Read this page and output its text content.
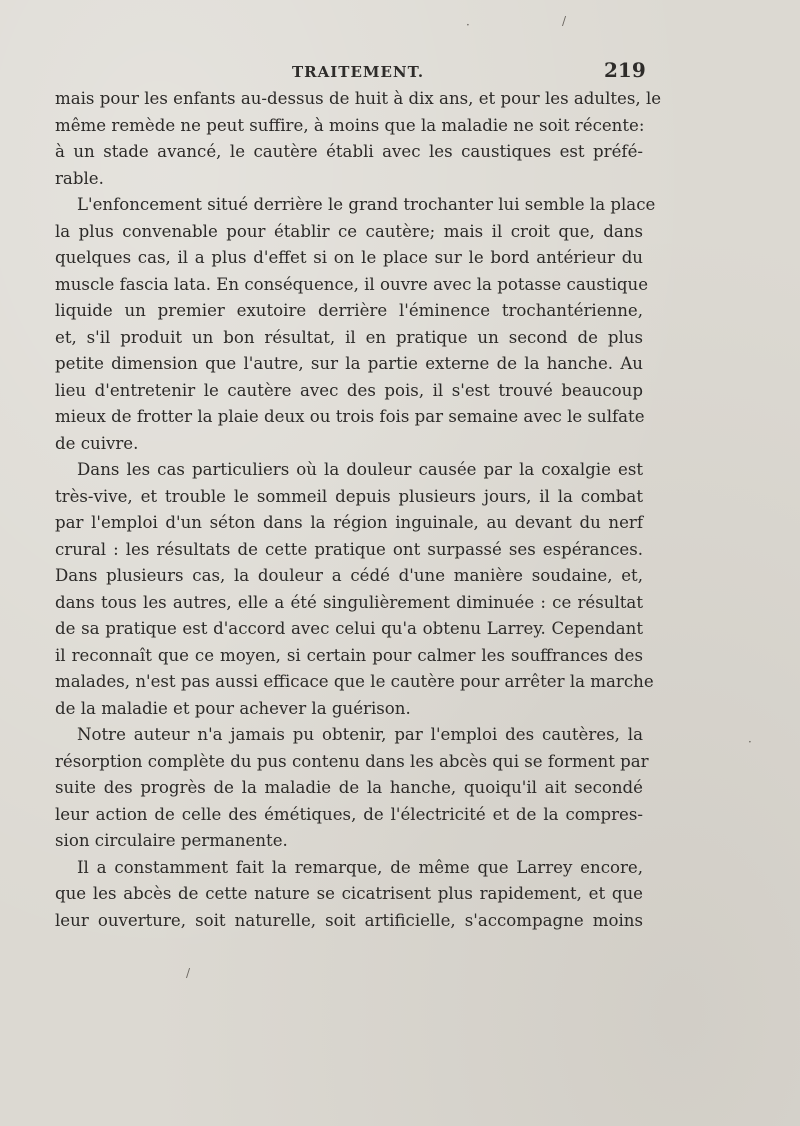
TRAITEMENT.	219
mais pour les enfants au-dessus de huit à dix ans, et pour les adultes, le
même remède ne peut suffire, à moins que la maladie ne soit récente:
à un stade avancé, le cautère établi avec les caustiques est préfé-
rable.
L'enfoncement situé derrière le grand trochanter lui semble la place
la plus convenable pour établir ce cautère; mais il croit que, dans
quelques cas, il a plus d'effet si on le place sur le bord antérieur du
muscle fascia lata. En conséquence, il ouvre avec la potasse caustique
liquide un premier exutoire derrière l'éminence trochantérienne,
et, s'il produit un bon résultat, il en pratique un second de plus
petite dimension que l'autre, sur la partie externe de la hanche. Au
lieu d'entretenir le cautère avec des pois, il s'est trouvé beaucoup
mieux de frotter la plaie deux ou trois fois par semaine avec le sulfate
de cuivre.
Dans les cas particuliers où la douleur causée par la coxalgie est
très-vive, et trouble le sommeil depuis plusieurs jours, il la combat
par l'emploi d'un séton dans la région inguinale, au devant du nerf
crural : les résultats de cette pratique ont surpassé ses espérances.
Dans plusieurs cas, la douleur a cédé d'une manière soudaine, et,
dans tous les autres, elle a été singulièrement diminuée : ce résultat
de sa pratique est d'accord avec celui qu'a obtenu Larrey. Cependant
il reconnaît que ce moyen, si certain pour calmer les souffrances des
malades, n'est pas aussi efficace que le cautère pour arrêter la marche
de la maladie et pour achever la guérison.
Notre auteur n'a jamais pu obtenir, par l'emploi des cautères, la
résorption complète du pus contenu dans les abcès qui se forment par
suite des progrès de la maladie de la hanche, quoiqu'il ait secondé
leur action de celle des émétiques, de l'électricité et de la compres-
sion circulaire permanente.
Il a constamment fait la remarque, de même que Larrey encore,
que les abcès de cette nature se cicatrisent plus rapidement, et que
leur ouverture, soit naturelle, soit artificielle, s'accompagne moins
/
·
/
·
